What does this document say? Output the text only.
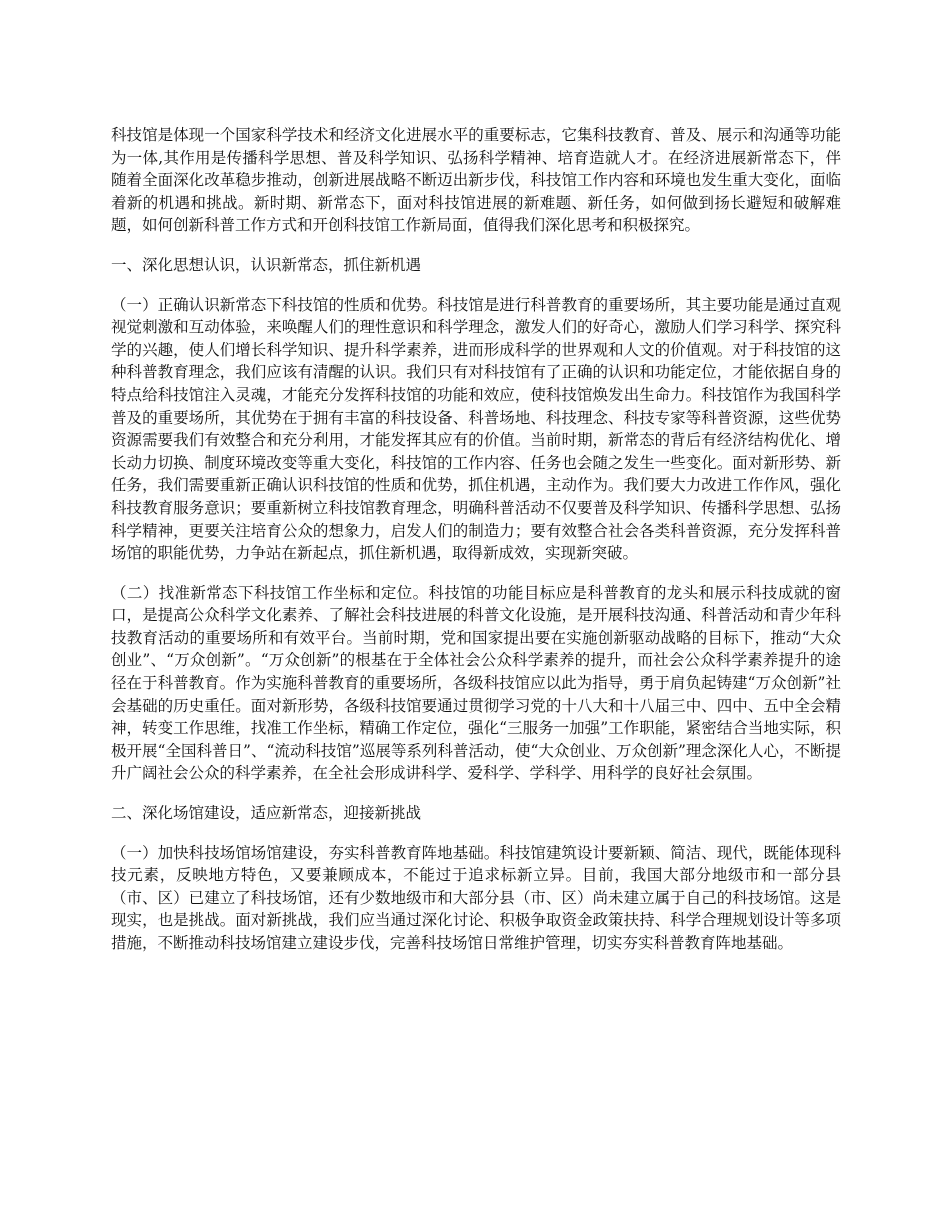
科技馆是体现一个国家科学技术和经济文化进展水平的重要标志，它集科技教育、普及、展示和沟通等功能为一体,其作用是传播科学思想、普及科学知识、弘扬科学精神、培育造就人才。在经济进展新常态下，伴随着全面深化改革稳步推动，创新进展战略不断迈出新步伐，科技馆工作内容和环境也发生重大变化，面临着新的机遇和挑战。新时期、新常态下，面对科技馆进展的新难题、新任务，如何做到扬长避短和破解难题，如何创新科普工作方式和开创科技馆工作新局面，值得我们深化思考和积极探究。

一、深化思想认识，认识新常态，抓住新机遇

（一）正确认识新常态下科技馆的性质和优势。科技馆是进行科普教育的重要场所，其主要功能是通过直观视觉刺激和互动体验，来唤醒人们的理性意识和科学理念，激发人们的好奇心，激励人们学习科学、探究科学的兴趣，使人们增长科学知识、提升科学素养，进而形成科学的世界观和人文的价值观。对于科技馆的这种科普教育理念，我们应该有清醒的认识。我们只有对科技馆有了正确的认识和功能定位，才能依据自身的特点给科技馆注入灵魂，才能充分发挥科技馆的功能和效应，使科技馆焕发出生命力。科技馆作为我国科学普及的重要场所，其优势在于拥有丰富的科技设备、科普场地、科技理念、科技专家等科普资源，这些优势资源需要我们有效整合和充分利用，才能发挥其应有的价值。当前时期，新常态的背后有经济结构优化、增长动力切换、制度环境改变等重大变化，科技馆的工作内容、任务也会随之发生一些变化。面对新形势、新任务，我们需要重新正确认识科技馆的性质和优势，抓住机遇，主动作为。我们要大力改进工作作风，强化科技教育服务意识；要重新树立科技馆教育理念，明确科普活动不仅要普及科学知识、传播科学思想、弘扬科学精神，更要关注培育公众的想象力，启发人们的制造力；要有效整合社会各类科普资源，充分发挥科普场馆的职能优势，力争站在新起点，抓住新机遇，取得新成效，实现新突破。

（二）找准新常态下科技馆工作坐标和定位。科技馆的功能目标应是科普教育的龙头和展示科技成就的窗口，是提高公众科学文化素养、了解社会科技进展的科普文化设施，是开展科技沟通、科普活动和青少年科技教育活动的重要场所和有效平台。当前时期，党和国家提出要在实施创新驱动战略的目标下，推动“大众创业”、“万众创新”。“万众创新”的根基在于全体社会公众科学素养的提升，而社会公众科学素养提升的途径在于科普教育。作为实施科普教育的重要场所，各级科技馆应以此为指导，勇于肩负起铸建“万众创新”社会基础的历史重任。面对新形势，各级科技馆要通过贯彻学习党的十八大和十八届三中、四中、五中全会精神，转变工作思维，找准工作坐标，精确工作定位，强化“三服务一加强”工作职能，紧密结合当地实际，积极开展“全国科普日”、“流动科技馆”巡展等系列科普活动，使“大众创业、万众创新”理念深化人心，不断提升广阔社会公众的科学素养，在全社会形成讲科学、爱科学、学科学、用科学的良好社会氛围。

二、深化场馆建设，适应新常态，迎接新挑战

（一）加快科技场馆场馆建设，夯实科普教育阵地基础。科技馆建筑设计要新颖、简洁、现代，既能体现科技元素，反映地方特色，又要兼顾成本，不能过于追求标新立异。目前，我国大部分地级市和一部分县（市、区）已建立了科技场馆，还有少数地级市和大部分县（市、区）尚未建立属于自己的科技场馆。这是现实，也是挑战。面对新挑战，我们应当通过深化讨论、积极争取资金政策扶持、科学合理规划设计等多项措施，不断推动科技场馆建立建设步伐，完善科技场馆日常维护管理，切实夯实科普教育阵地基础。
